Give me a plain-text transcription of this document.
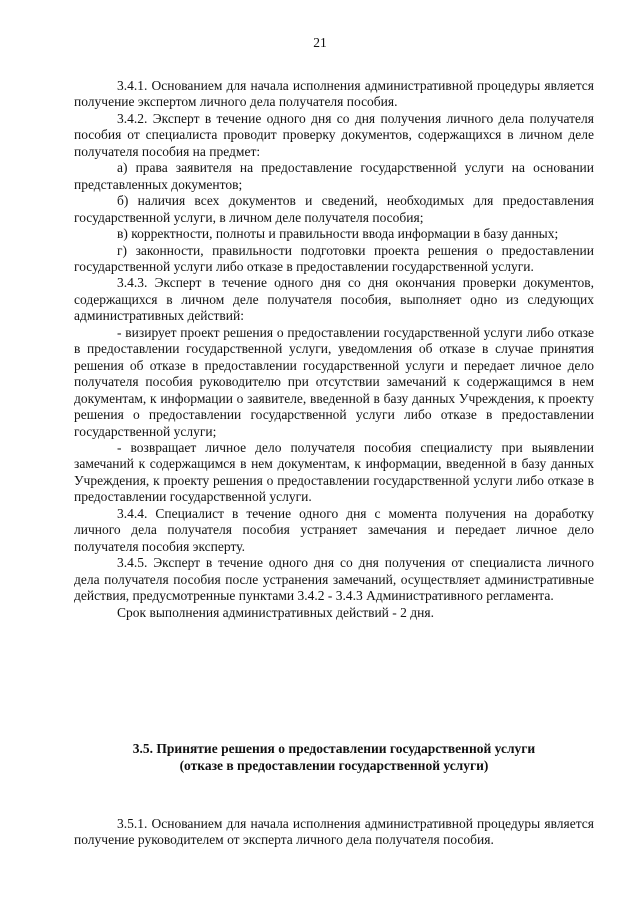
21

3.4.1. Основанием для начала исполнения административной процедуры является получение экспертом личного дела получателя пособия.

3.4.2. Эксперт в течение одного дня со дня получения личного дела получателя пособия от специалиста проводит проверку документов, содержащихся в личном деле получателя пособия на предмет:

а) права заявителя на предоставление государственной услуги на основании представленных документов;

б) наличия всех документов и сведений, необходимых для предоставления государственной услуги, в личном деле получателя пособия;

в) корректности, полноты и правильности ввода информации в базу данных;

г) законности, правильности подготовки проекта решения о предоставлении государственной услуги либо отказе в предоставлении государственной услуги.

3.4.3. Эксперт в течение одного дня со дня окончания проверки документов, содержащихся в личном деле получателя пособия, выполняет одно из следующих административных действий:

- визирует проект решения о предоставлении государственной услуги либо отказе в предоставлении государственной услуги, уведомления об отказе в случае принятия решения об отказе в предоставлении государственной услуги и передает личное дело получателя пособия руководителю при отсутствии замечаний к содержащимся в нем документам, к информации о заявителе, введенной в базу данных Учреждения, к проекту решения о предоставлении государственной услуги либо отказе в предоставлении государственной услуги;

- возвращает личное дело получателя пособия специалисту при выявлении замечаний к содержащимся в нем документам, к информации, введенной в базу данных Учреждения, к проекту решения о предоставлении государственной услуги либо отказе в предоставлении государственной услуги.

3.4.4. Специалист в течение одного дня с момента получения на доработку личного дела получателя пособия устраняет замечания и передает личное дело получателя пособия эксперту.

3.4.5. Эксперт в течение одного дня со дня получения от специалиста личного дела получателя пособия после устранения замечаний, осуществляет административные действия, предусмотренные пунктами 3.4.2 - 3.4.3 Административного регламента.

Срок выполнения административных действий - 2 дня.

3.5. Принятие решения о предоставлении государственной услуги
(отказе в предоставлении государственной услуги)

3.5.1. Основанием для начала исполнения административной процедуры является получение руководителем от эксперта личного дела получателя пособия.
